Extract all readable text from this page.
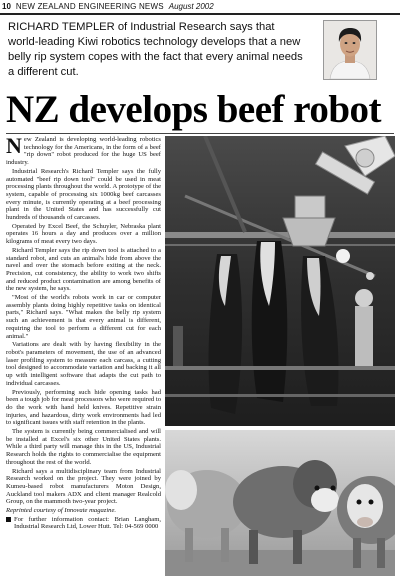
10 NEW ZEALAND ENGINEERING NEWS August 2002
RICHARD TEMPLER of Industrial Research says that world-leading Kiwi robotics technology develops that a new belly rip system copes with the fact that every animal needs a different cut.
NZ develops beef robot

New Zealand is developing world-leading robotics technology for the Americans, in the form of a beef "rip down" robot produced for the huge US beef industry.

Industrial Research's Richard Templer says the fully automated "beef rip down tool" could be used in meat processing plants throughout the world. A prototype of the system, capable of processing six 1000kg beef carcasses every minute, is currently operating at a beef processing plant in the United States and has successfully cut hundreds of thousands of carcasses.

Operated by Excel Beef, the Schuyler, Nebraska plant operates 16 hours a day and produces over a million kilograms of meat every two days.

Richard Templer says the rip down tool is attached to a standard robot, and cuts an animal's hide from above the navel and over the stomach before exiting at the neck. Precision, cut consistency, the ability to work two shifts and reduced product contamination are among benefits of the new system, he says.

"Most of the world's robots work in car or computer assembly plants doing highly repetitive tasks on identical parts," Richard says. "What makes the belly rip system such an achievement is that every animal is different, requiring the tool to perform a different cut for each animal."

Variations are dealt with by having flexibility in the robot's parameters of movement, the use of an advanced laser profiling system to measure each carcass, a cutting tool designed to accommodate variation and backing it all up with intelligent software that adapts the cut path to individual carcasses.

Previously, performing such hide opening tasks had been a tough job for meat processors who were required to do the work with hand held knives. Repetitive strain injuries, and hazardous, dirty work environments had led to significant issues with staff retention in the plants.

The system is currently being commercialised and will be installed at Excel's six other United States plants. While a third party will manage this in the US, Industrial Research holds the rights to commercialise the equipment throughout the rest of the world.

Richard says a multidisciplinary team from Industrial Research worked on the project. They were joined by Kumeu-based robot manufacturers Moton Design, Auckland tool makers ADX and client manager Realcold Group, on the mammoth two-year project.

Reprinted courtesy of Innovate magazine.

For further information contact: Brian Langham, Industrial Research Ltd, Lower Hutt. Tel: 04-569 0000
